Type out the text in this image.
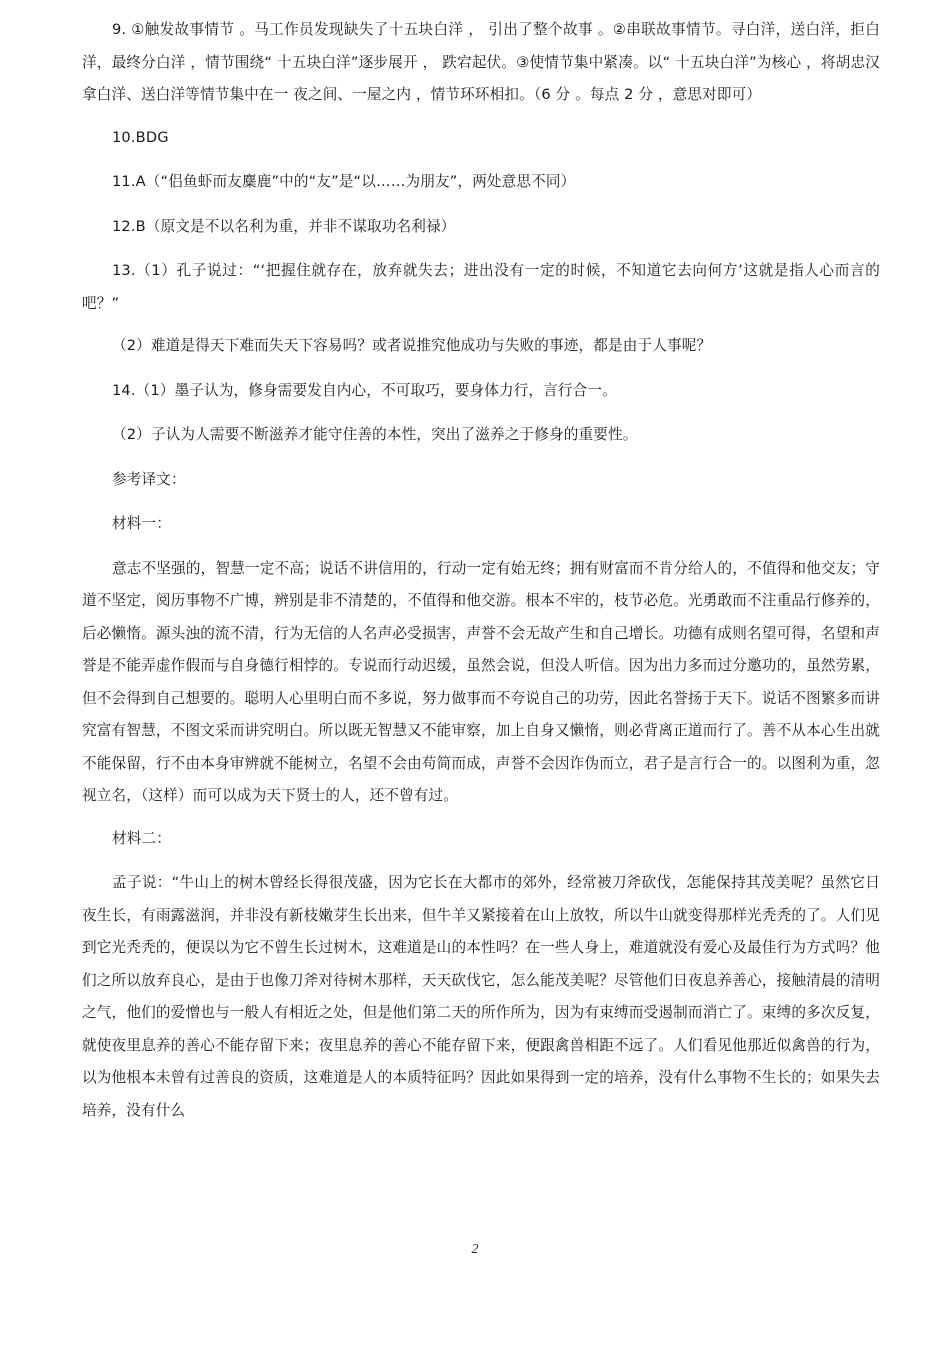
9. ①触发故事情节 。马工作员发现缺失了十五块白洋 ， 引出了整个故事 。②串联故事情节。寻白洋，送白洋，拒白洋，最终分白洋 ，情节围绕“ 十五块白洋”逐步展开 ， 跌宕起伏。③使情节集中紧凑。以“ 十五块白洋”为核心 ，将胡忠汉拿白洋、送白洋等情节集中在一 夜之间、一屋之内 ，情节环环相扣。（6 分 。每点 2 分 ，意思对即可）

10.BDG

11.A（“侣鱼虾而友麋鹿”中的“友”是“以……为朋友”，两处意思不同）

12.B（原文是不以名利为重，并非不谋取功名利禄）

13.（1）孔子说过：“‘把握住就存在，放弃就失去；进出没有一定的时候，不知道它去向何方’这就是指人心而言的吧？”

（2）难道是得天下难而失天下容易吗？或者说推究他成功与失败的事迹，都是由于人事呢？

14.（1）墨子认为，修身需要发自内心，不可取巧，要身体力行，言行合一。

（2）子认为人需要不断滋养才能守住善的本性，突出了滋养之于修身的重要性。

参考译文：

材料一：

意志不坚强的，智慧一定不高；说话不讲信用的，行动一定有始无终；拥有财富而不肯分给人的，不值得和他交友；守道不坚定，阅历事物不广博，辨别是非不清楚的，不值得和他交游。根本不牢的，枝节必危。光勇敢而不注重品行修养的，后必懒惰。源头浊的流不清，行为无信的人名声必受损害，声誉不会无故产生和自己增长。功德有成则名望可得，名望和声誉是不能弄虚作假而与自身德行相悖的。专说而行动迟缓，虽然会说，但没人听信。因为出力多而过分邀功的，虽然劳累，但不会得到自己想要的。聪明人心里明白而不多说，努力做事而不夸说自己的功劳，因此名誉扬于天下。说话不图繁多而讲究富有智慧，不图文采而讲究明白。所以既无智慧又不能审察，加上自身又懒惰，则必背离正道而行了。善不从本心生出就不能保留，行不由本身审辨就不能树立，名望不会由苟简而成，声誉不会因诈伪而立，君子是言行合一的。以图利为重，忽视立名，（这样）而可以成为天下贤士的人，还不曾有过。

材料二：

孟子说：“牛山上的树木曾经长得很茂盛，因为它长在大都市的郊外，经常被刀斧砍伐，怎能保持其茂美呢？虽然它日夜生长，有雨露滋润，并非没有新枝嫩芽生长出来，但牛羊又紧接着在山上放牧，所以牛山就变得那样光秃秃的了。人们见到它光秃秃的，便误以为它不曾生长过树木，这难道是山的本性吗？在一些人身上，难道就没有爱心及最佳行为方式吗？他们之所以放弃良心，是由于也像刀斧对待树木那样，天天砍伐它，怎么能茂美呢？尽管他们日夜息养善心，接触清晨的清明之气，他们的爱憎也与一般人有相近之处，但是他们第二天的所作所为，因为有束缚而受遏制而消亡了。束缚的多次反复，就使夜里息养的善心不能存留下来；夜里息养的善心不能存留下来，便跟禽兽相距不远了。人们看见他那近似禽兽的行为，以为他根本未曾有过善良的资质，这难道是人的本质特征吗？因此如果得到一定的培养，没有什么事物不生长的；如果失去培养，没有什么

2
